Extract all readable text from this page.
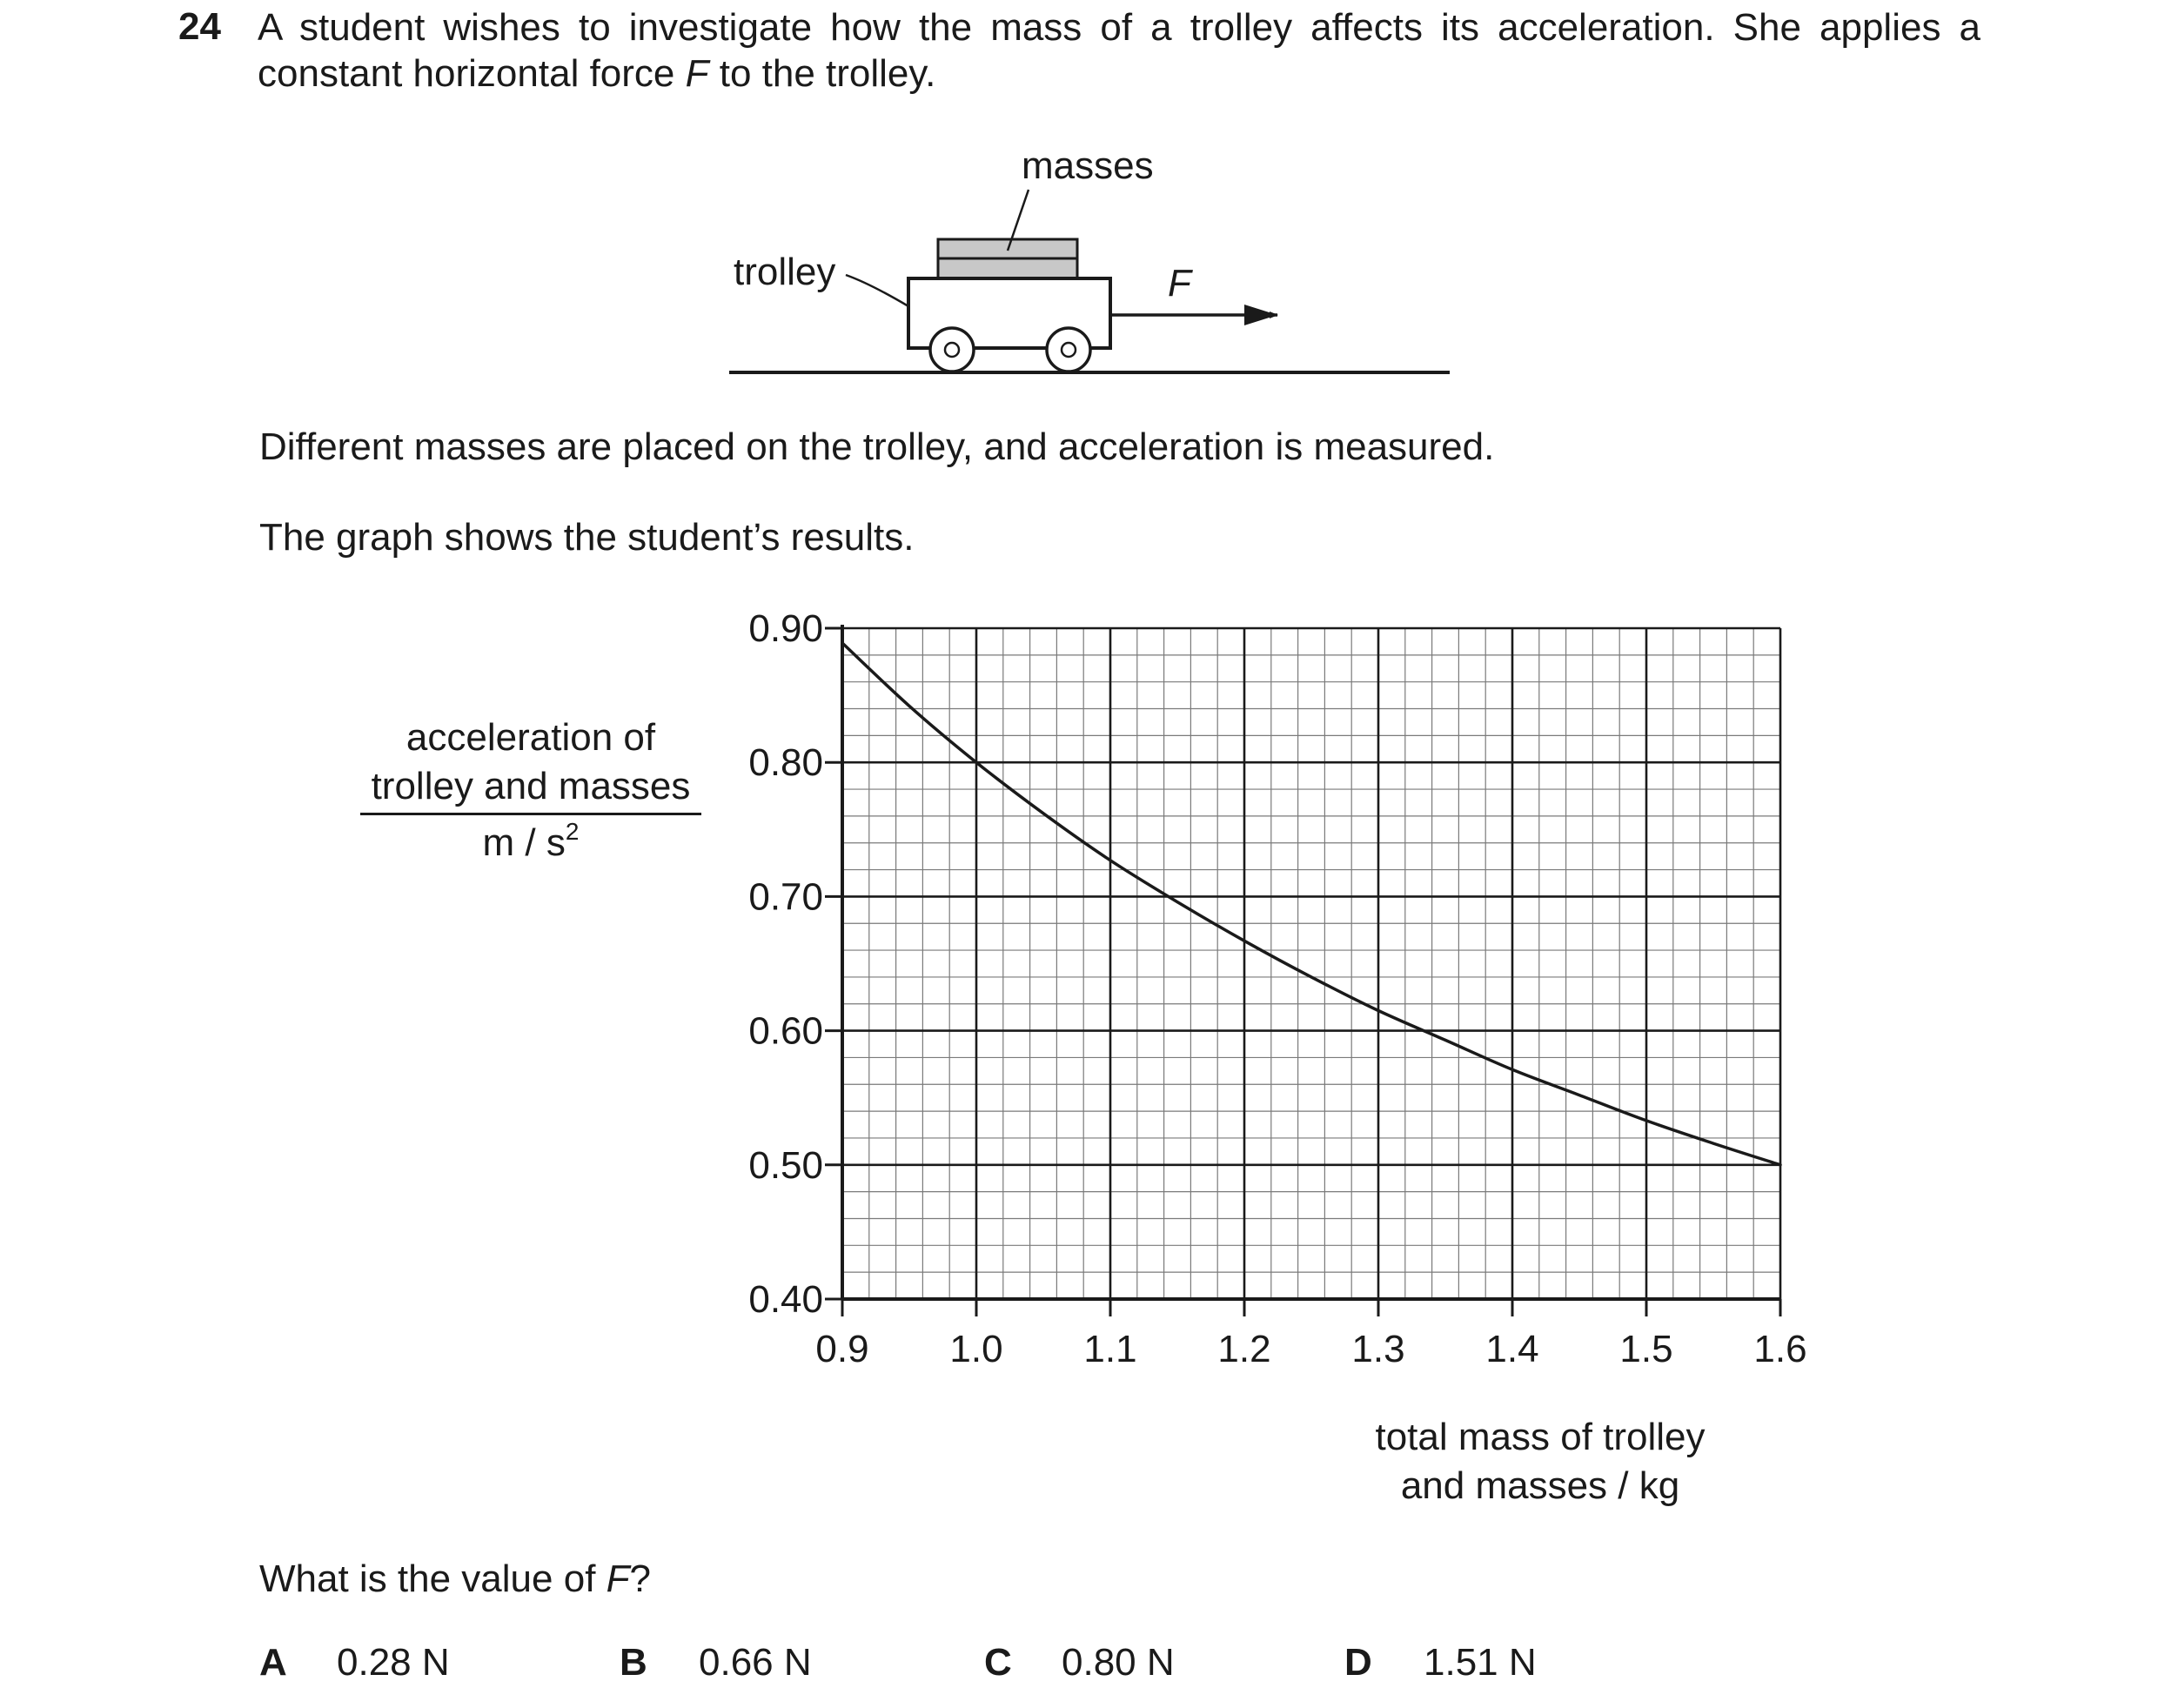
24 A student wishes to investigate how the mass of a trolley affects its acceleration. She applies a
constant horizontal force F to the trolley.
masses
trolley	F
Different masses are placed on the trolley, and acceleration is measured.
The graph shows the student’s results.
acceleration of
trolley and masses
m / $s^2$
total mass of trolley
and masses / kg
0.9 1.0 1.1 1.2 1.3 1.4 1.5 1.6
0.90
0.80
0.70
0.60
0.50
0.40
What is the value of F?
A 0.28 N	B 0.66 N	C 0.80 N	D 1.51 N
